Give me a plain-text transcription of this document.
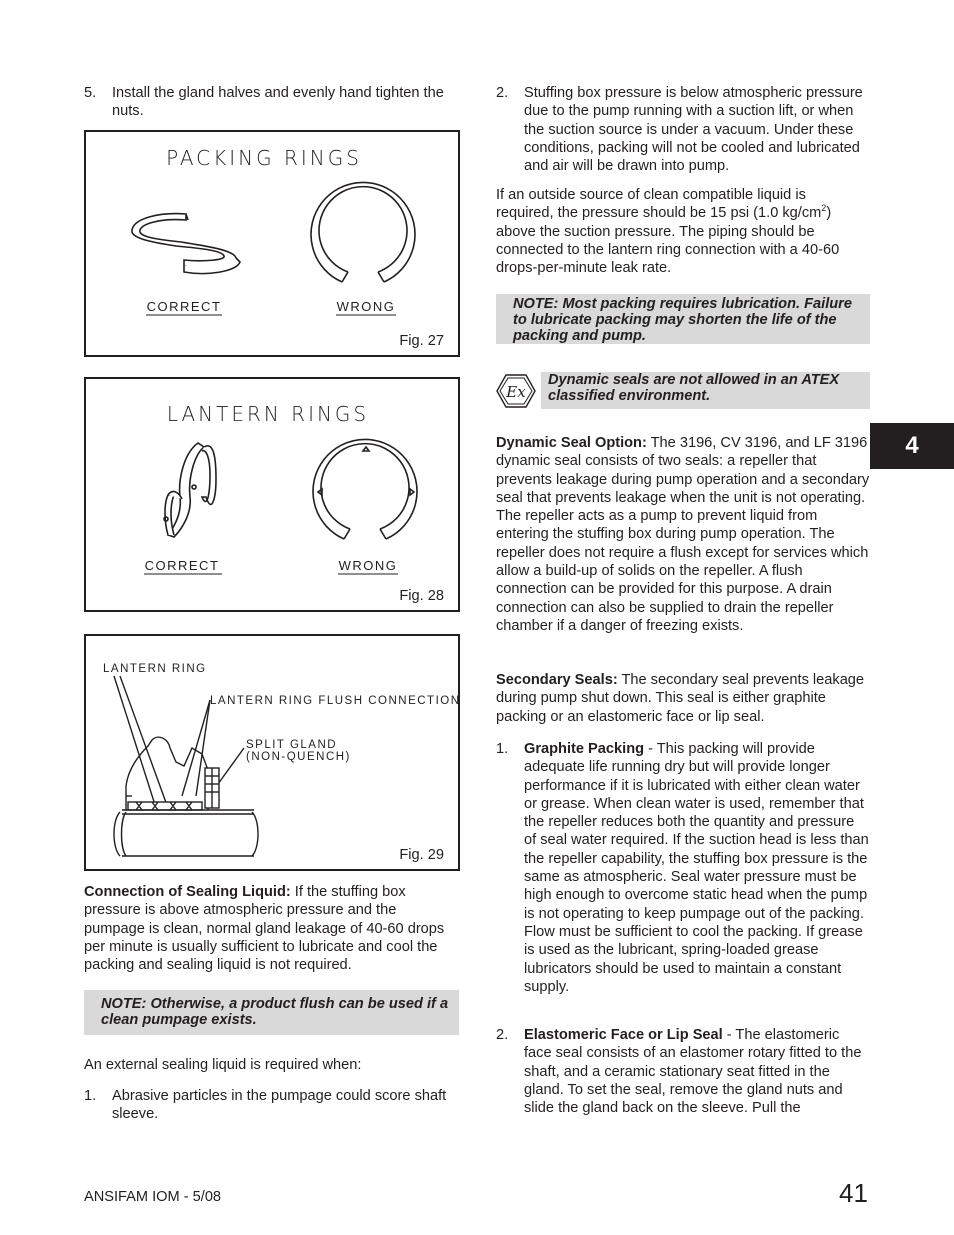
5. Install the gland halves and evenly hand tighten the nuts.
PACKING RINGS
CORRECT	WRONG
Fig. 27
LANTERN RINGS
CORRECT	WRONG
Fig. 28
LANTERN RING
LANTERN RING FLUSH CONNECTION
SPLIT GLAND
(NON-QUENCH)
Fig. 29
Connection of Sealing Liquid: If the stuffing box pressure is above atmospheric pressure and the pumpage is clean, normal gland leakage of 40-60 drops per minute is usually sufficient to lubricate and cool the packing and sealing liquid is not required.
NOTE: Otherwise, a product flush can be used if a clean pumpage exists.
An external sealing liquid is required when:
1. Abrasive particles in the pumpage could score shaft sleeve.
2. Stuffing box pressure is below atmospheric pressure due to the pump running with a suction lift, or when the suction source is under a vacuum. Under these conditions, packing will not be cooled and lubricated and air will be drawn into pump.
If an outside source of clean compatible liquid is
required, the pressure should be 15 psi (1.0 $kg/cm^2$) above the suction pressure. The piping should be connected to the lantern ring connection with a 40-60 drops-per-minute leak rate.
NOTE: Most packing requires lubrication. Failure to lubricate packing may shorten the life of the packing and pump.
Ex
Dynamic seals are not allowed in an ATEX classified environment.
Dynamic Seal Option: The 3196, CV 3196, and LF 3196 dynamic seal consists of two seals: a repeller that prevents leakage during pump operation and a secondary seal that prevents leakage when the unit is not operating. The repeller acts as a pump to prevent liquid from entering the stuffing box during pump operation. The repeller does not require a flush except for services which allow a build-up of solids on the repeller. A flush connection can be provided for this purpose. A drain connection can also be supplied to drain the repeller chamber if a danger of freezing exists.
Secondary Seals: The secondary seal prevents leakage during pump shut down. This seal is either graphite packing or an elastomeric face or lip seal.
1. Graphite Packing - This packing will provide adequate life running dry but will provide longer performance if it is lubricated with either clean water or grease. When clean water is used, remember that the repeller reduces both the quantity and pressure of seal water required. If the suction head is less than the repeller capability, the stuffing box pressure is the same as atmospheric. Seal water pressure must be high enough to overcome static head when the pump is not operating to keep pumpage out of the packing. Flow must be sufficient to cool the packing. If grease is used as the lubricant, spring-loaded grease lubricators should be used to maintain a constant supply.
2. Elastomeric Face or Lip Seal - The elastomeric face seal consists of an elastomer rotary fitted to the shaft, and a ceramic stationary seat fitted in the gland. To set the seal, remove the gland nuts and slide the gland back on the sleeve. Pull the
4
ANSIFAM IOM - 5/08	41
